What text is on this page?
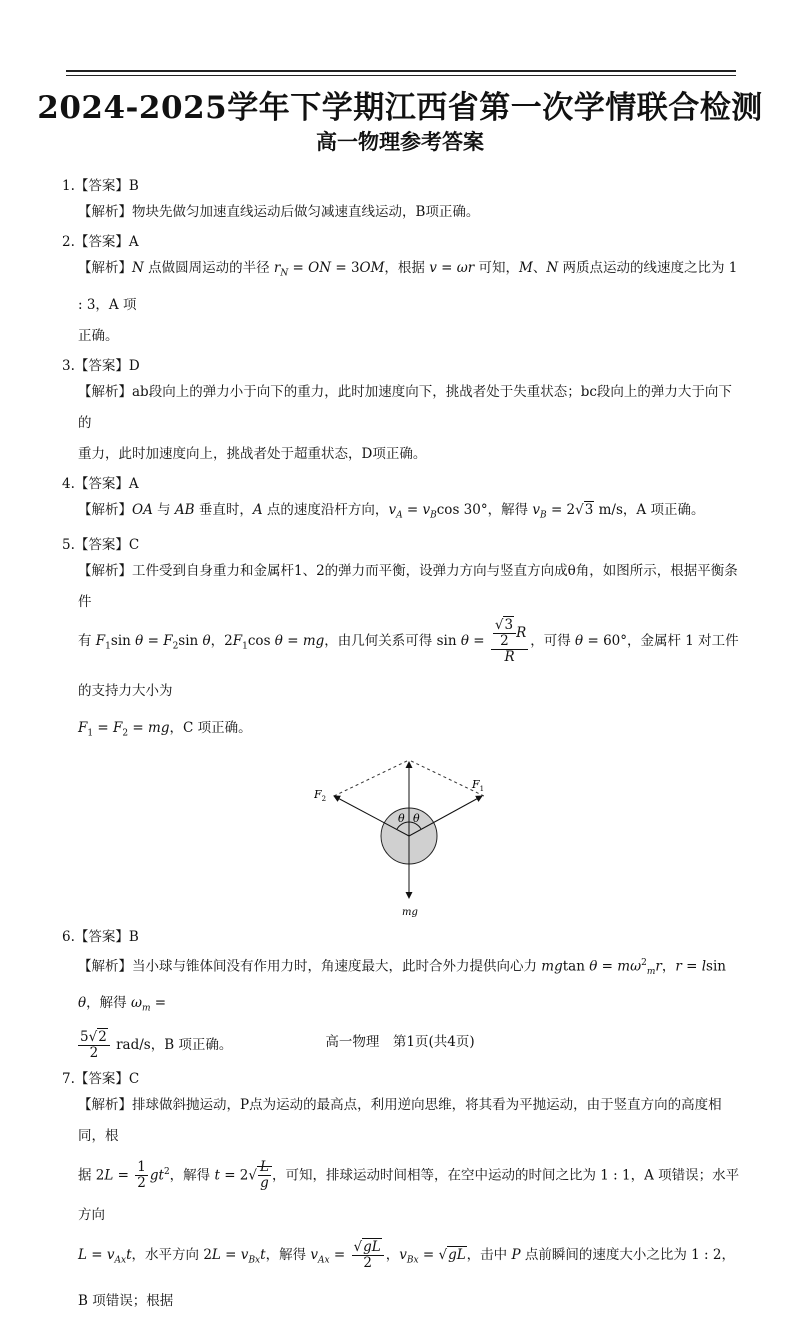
2024-2025学年下学期江西省第一次学情联合检测
高一物理参考答案
1.【答案】B

【解析】物块先做匀加速直线运动后做匀减速直线运动，B项正确。

2.【答案】A

【解析】N 点做圆周运动的半径 $r_N$ = ON = 3OM，根据 v = ωr 可知，M、N 两质点运动的线速度之比为 1 : 3，A 项

正确。

3.【答案】D

【解析】ab段向上的弹力小于向下的重力，此时加速度向下，挑战者处于失重状态；bc段向上的弹力大于向下的

重力，此时加速度向上，挑战者处于超重状态，D项正确。

4.【答案】A

【解析】OA 与 AB 垂直时，A 点的速度沿杆方向，$v_A = v_B\cos$ 30°，解得 $v_B = 2√3$ m/s，A 项正确。

5.【答案】C

【解析】工件受到自身重力和金属杆1、2的弹力而平衡，设弹力方向与竖直方向成θ角，如图所示，根据平衡条件

有 $F_1\sin$ $\theta = F_2\sin$ θ，$2F_1\cos$ θ = mg，由几何关系可得 $\sin \theta = \frac{\frac{√3}{2} R}{R}$ ，可得 θ = 60°，金属杆 1 对工件的支持力大小为

$F_1 = F_2$ = mg，C 项正确。

θ θ
$F_2$
$F_1$
mg
6.【答案】B

【解析】当小球与锥体间没有作用力时，角速度最大，此时合外力提供向心力 mgtan $\theta = m\omega^2_mr$，r = lsin θ，解得 $\omega_m$ =

$\frac{5√2}{2} rad/s$，B 项正确。

7.【答案】C

【解析】排球做斜抛运动，P点为运动的最高点，利用逆向思维，将其看为平抛运动，由于竖直方向的高度相同，根

据 $2L = \frac{1}{2} gt^2$，解得 $t = 2√ \frac{L}{g}$ ，可知，排球运动时间相等，在空中运动的时间之比为 1 : 1，A 项错误；水平方向

$L = v_{Ax}t$，水平方向 $2L = v_{Bx}t$，解得 $v_{Ax} = \frac{√gL}{2}$ ，$v_{Bx} = √gL$，击中 P 点前瞬间的速度大小之比为 1 : 2，B 项错误；根据

高一物理　第1页(共4页)
